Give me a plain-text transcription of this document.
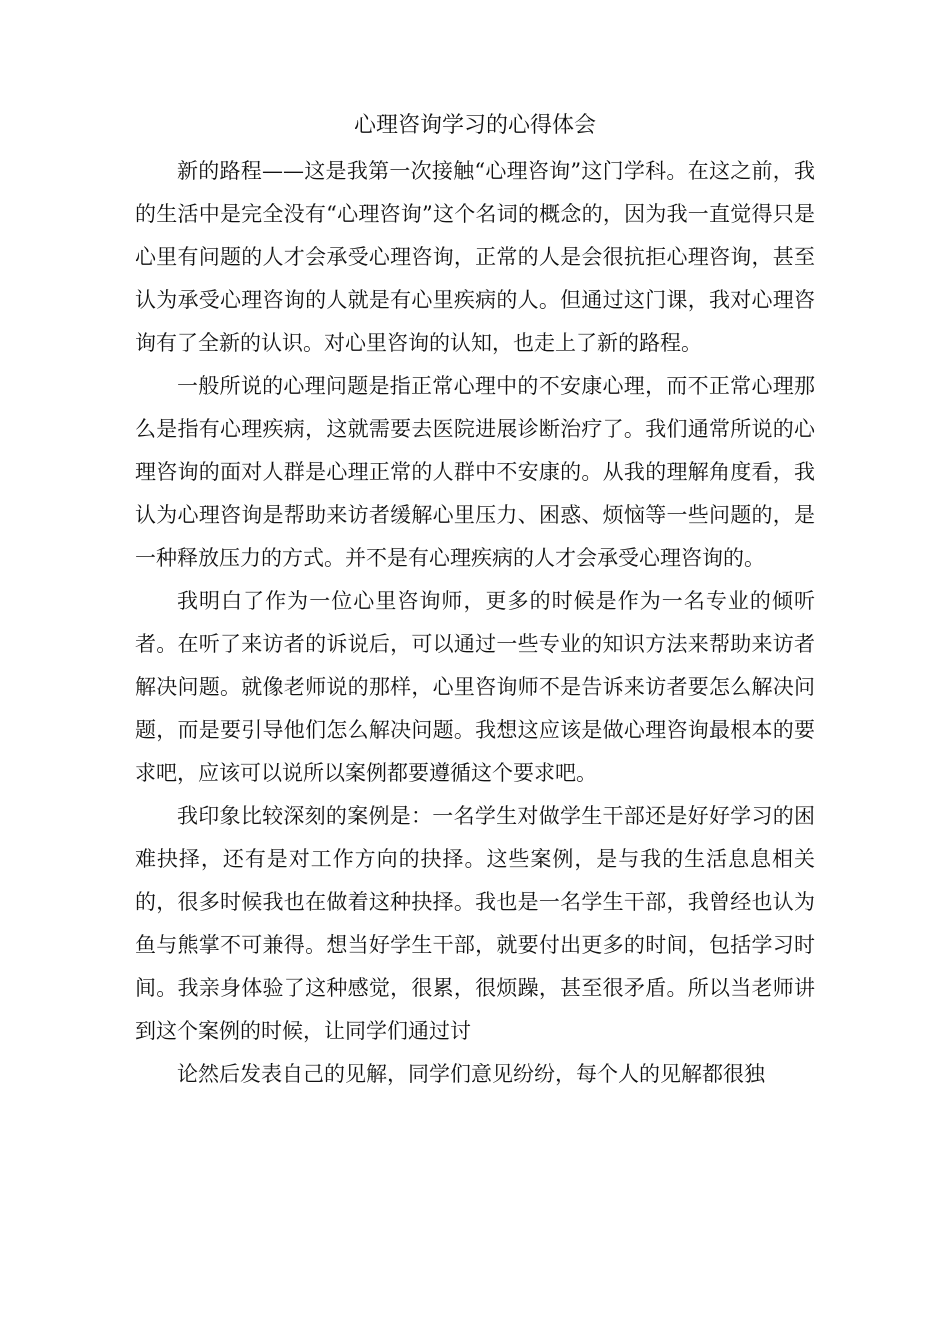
心理咨询学习的心得体会

新的路程——这是我第一次接触“心理咨询”这门学科。在这之前，我的生活中是完全没有“心理咨询”这个名词的概念的，因为我一直觉得只是心里有问题的人才会承受心理咨询，正常的人是会很抗拒心理咨询，甚至认为承受心理咨询的人就是有心里疾病的人。但通过这门课，我对心理咨询有了全新的认识。对心里咨询的认知，也走上了新的路程。

一般所说的心理问题是指正常心理中的不安康心理，而不正常心理那么是指有心理疾病，这就需要去医院进展诊断治疗了。我们通常所说的心理咨询的面对人群是心理正常的人群中不安康的。从我的理解角度看，我认为心理咨询是帮助来访者缓解心里压力、困惑、烦恼等一些问题的，是一种释放压力的方式。并不是有心理疾病的人才会承受心理咨询的。

我明白了作为一位心里咨询师，更多的时候是作为一名专业的倾听者。在听了来访者的诉说后，可以通过一些专业的知识方法来帮助来访者解决问题。就像老师说的那样，心里咨询师不是告诉来访者要怎么解决问题，而是要引导他们怎么解决问题。我想这应该是做心理咨询最根本的要求吧，应该可以说所以案例都要遵循这个要求吧。

我印象比较深刻的案例是：一名学生对做学生干部还是好好学习的困难抉择，还有是对工作方向的抉择。这些案例，是与我的生活息息相关的，很多时候我也在做着这种抉择。我也是一名学生干部，我曾经也认为鱼与熊掌不可兼得。想当好学生干部，就要付出更多的时间，包括学习时间。我亲身体验了这种感觉，很累，很烦躁，甚至很矛盾。所以当老师讲到这个案例的时候，让同学们通过讨

论然后发表自己的见解，同学们意见纷纷，每个人的见解都很独
